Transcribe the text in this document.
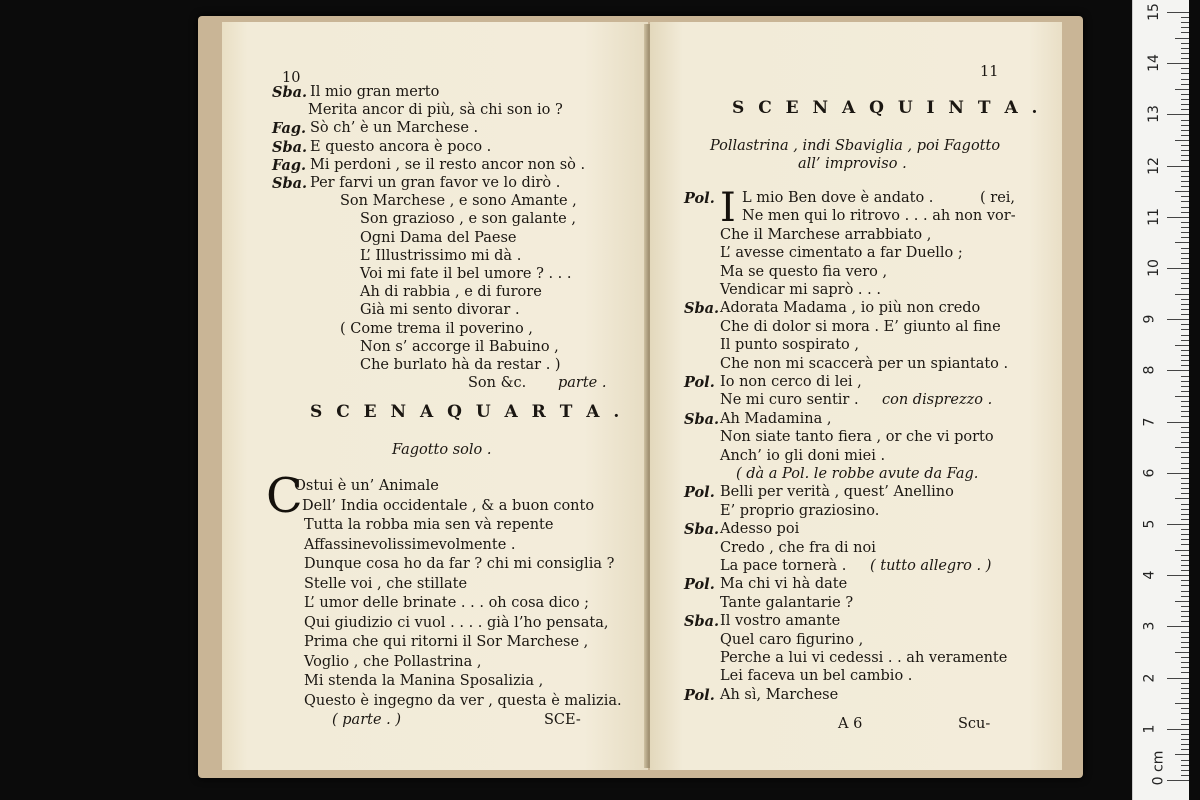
10
Sba. Il mio gran merto
Merita ancor di più, sà chi son io ?
Fag. Sò ch’ è un Marchese .
Sba. E questo ancora è poco .
Fag. Mi perdoni , se il resto ancor non sò .
Sba. Per farvi un gran favor ve lo dirò .
Son Marchese , e sono Amante ,
Son grazioso , e son galante ,
Ogni Dama del Paese
L’ Illustrissimo mi dà .
Voi mi fate il bel umore ? . . .
Ah di rabbia , e di furore
Già mi sento divorar .
( Come trema il poverino ,
Non s’ accorge il Babuino ,
Che burlato hà da restar . )
Son &c. parte .
S C E N A Q U A R T A .
Fagotto solo .
C
Ostui è un’ Animale
Dell’ India occidentale , & a buon conto
Tutta la robba mia sen và repente
Affassinevolissimevolmente .
Dunque cosa ho da far ? chi mi consiglia ?
Stelle voi , che stillate
L’ umor delle brinate . . . oh cosa dico ;
Qui giudizio ci vuol . . . . già l’ho pensata,
Prima che qui ritorni il Sor Marchese ,
Voglio , che Pollastrina ,
Mi stenda la Manina Sposalizia ,
Questo è ingegno da ver , questa è malizia.
( parte . )	SCE-
11
S C E N A Q U I N T A .
Pollastrina , indi Sbaviglia , poi Fagotto
all’ improviso .
I
Pol. L mio Ben dove è andato .	( rei,
Ne men qui lo ritrovo . . . ah non vor-
Che il Marchese arrabbiato ,
L’ avesse cimentato a far Duello ;
Ma se questo fia vero ,
Vendicar mi saprò . . .
Sba. Adorata Madama , io più non credo
Che di dolor si mora . E’ giunto al fine
Il punto sospirato ,
Che non mi scaccerà per un spiantato .
Pol. Io non cerco di lei ,
Ne mi curo sentir . con disprezzo .
Sba. Ah Madamina ,
Non siate tanto fiera , or che vi porto
Anch’ io gli doni miei .
( dà a Pol. le robbe avute da Fag.
Pol. Belli per verità , quest’ Anellino
E’ proprio graziosino.
Sba. Adesso poi
Credo , che fra di noi
La pace tornerà . ( tutto allegro . )
Pol. Ma chi vi hà date
Tante galantarie ?
Sba. Il vostro amante
Quel caro figurino ,
Perche a lui vi cedessi . . ah veramente
Lei faceva un bel cambio .
Pol. Ah sì, Marchese
A 6	Scu-
0 cm
1
2
3
4
5
6
7
8
9
10
11
12
13
14
15
